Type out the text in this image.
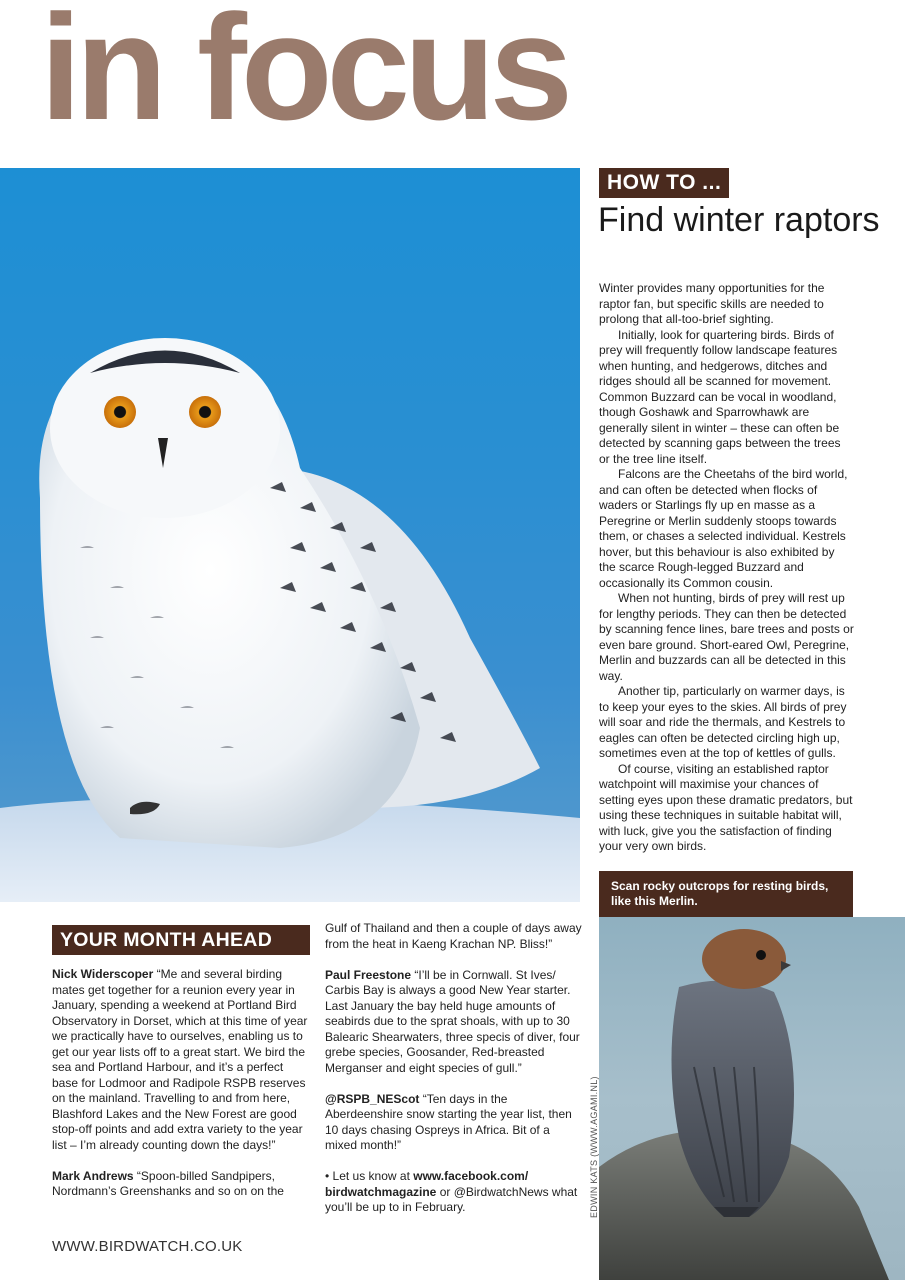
in focus
HOW TO ...
Find winter raptors

Winter provides many opportunities for the raptor fan, but specific skills are needed to prolong that all-too-brief sighting.

Initially, look for quartering birds. Birds of prey will frequently follow landscape features when hunting, and hedgerows, ditches and ridges should all be scanned for movement. Common Buzzard can be vocal in woodland, though Goshawk and Sparrowhawk are generally silent in winter – these can often be detected by scanning gaps between the trees or the tree line itself.

Falcons are the Cheetahs of the bird world, and can often be detected when flocks of waders or Starlings fly up en masse as a Peregrine or Merlin suddenly stoops towards them, or chases a selected individual. Kestrels hover, but this behaviour is also exhibited by the scarce Rough-legged Buzzard and occasionally its Common cousin.

When not hunting, birds of prey will rest up for lengthy periods. They can then be detected by scanning fence lines, bare trees and posts or even bare ground. Short-eared Owl, Peregrine, Merlin and buzzards can all be detected in this way.

Another tip, particularly on warmer days, is to keep your eyes to the skies. All birds of prey will soar and ride the thermals, and Kestrels to eagles can often be detected circling high up, sometimes even at the top of kettles of gulls.

Of course, visiting an established raptor watchpoint will maximise your chances of setting eyes upon these dramatic predators, but using these techniques in suitable habitat will, with luck, give you the satisfaction of finding your very own birds.

Scan rocky outcrops for resting birds, like this Merlin.
EDWIN KATS (WWW.AGAMI.NL)
YOUR MONTH AHEAD

Nick Widerscoper “Me and several birding mates get together for a reunion every year in January, spending a weekend at Portland Bird Observatory in Dorset, which at this time of year we practically have to ourselves, enabling us to get our year lists off to a great start. We bird the sea and Portland Harbour, and it’s a perfect base for Lodmoor and Radipole RSPB reserves on the mainland. Travelling to and from here, Blashford Lakes and the New Forest are good stop-off points and add extra variety to the year list – I’m already counting down the days!”

Mark Andrews “Spoon-billed Sandpipers, Nordmann’s Greenshanks and so on on the

Gulf of Thailand and then a couple of days away from the heat in Kaeng Krachan NP. Bliss!”

Paul Freestone “I’ll be in Cornwall. St Ives/ Carbis Bay is always a good New Year starter. Last January the bay held huge amounts of seabirds due to the sprat shoals, with up to 30 Balearic Shearwaters, three specis of diver, four grebe species, Goosander, Red-breasted Merganser and eight species of gull.”

@RSPB_NEScot “Ten days in the Aberdeenshire snow starting the year list, then 10 days chasing Ospreys in Africa. Bit of a mixed month!”

• Let us know at www.facebook.com/ birdwatchmagazine or @BirdwatchNews what you’ll be up to in February.

WWW.BIRDWATCH.CO.UK
